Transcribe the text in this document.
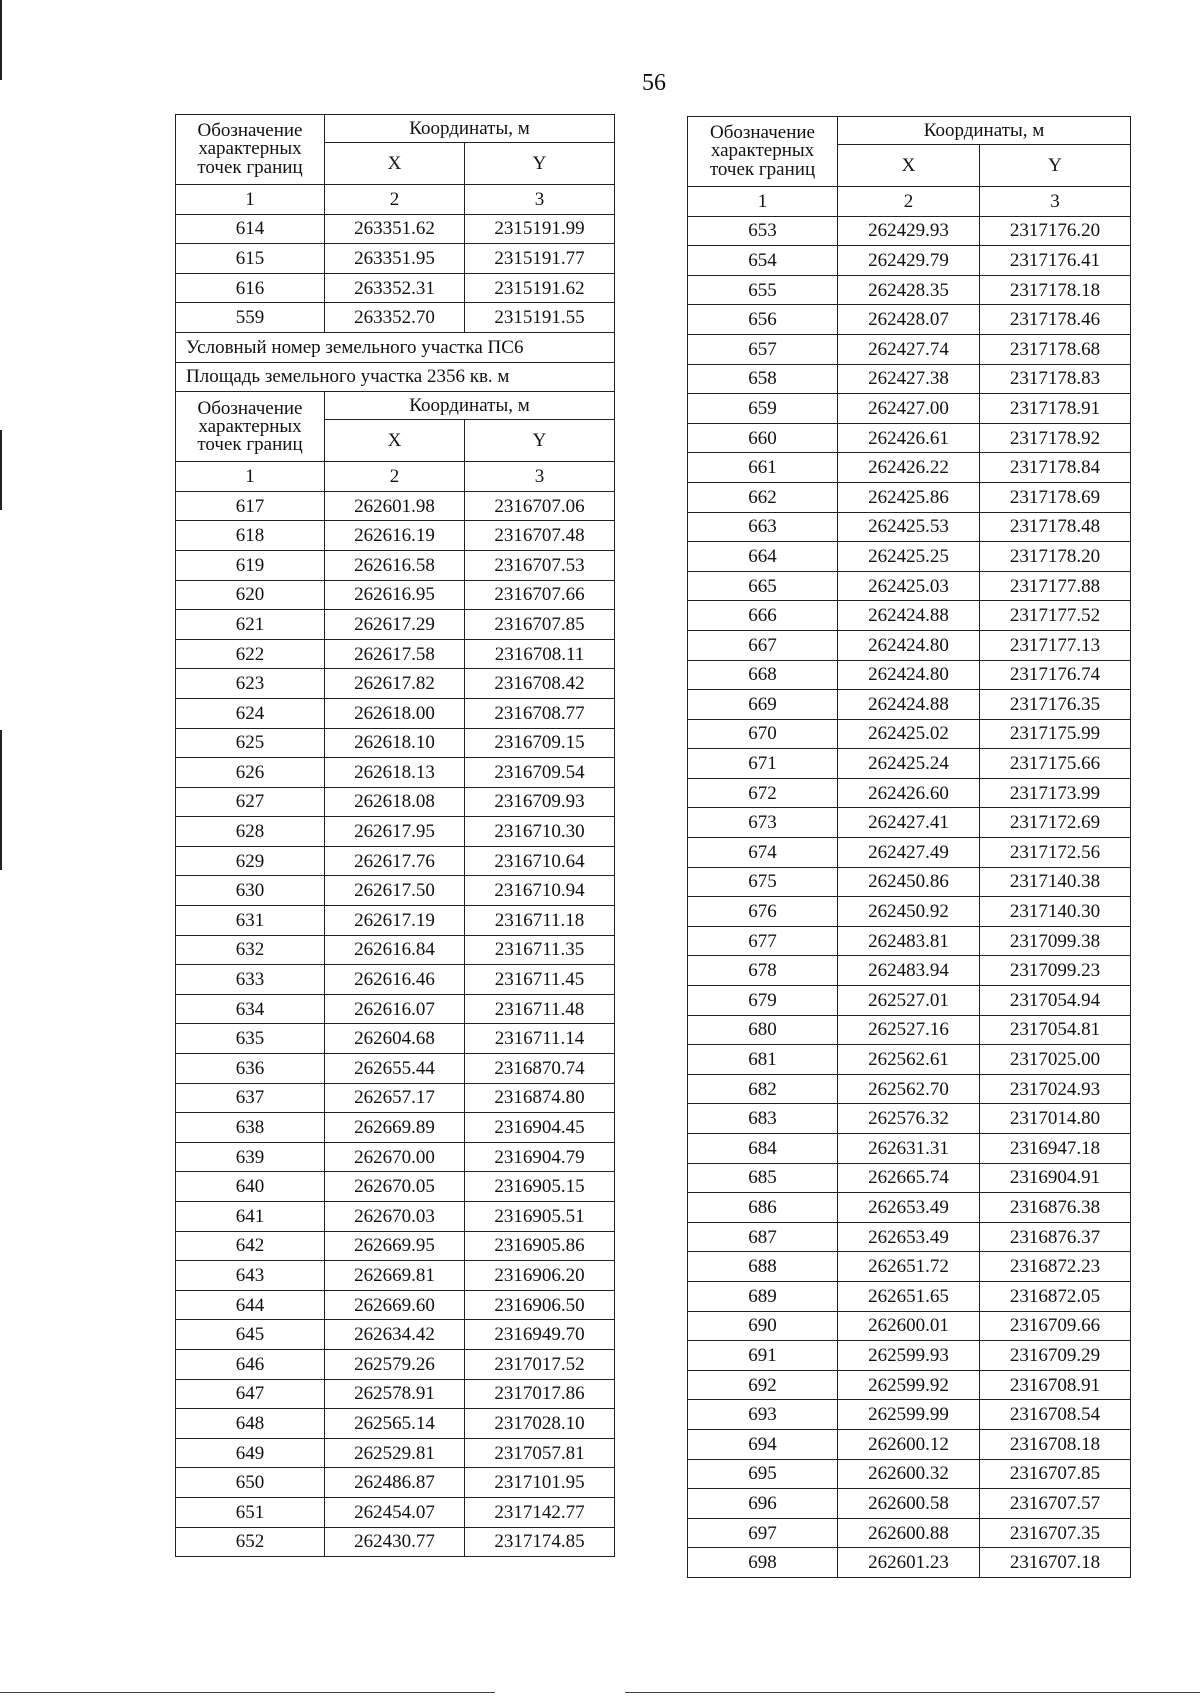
56
Обозначение характерных точек границ	Координаты, м	
	X	Y
1	2	3
614	263351.62	2315191.99
615	263351.95	2315191.77
616	263352.31	2315191.62
559	263352.70	2315191.55
Условный номер земельного участка ПС6		
Площадь земельного участка 2356 кв. м		
Обозначение характерных точек границ	Координаты, м	
	X	Y
1	2	3
617	262601.98	2316707.06
618	262616.19	2316707.48
619	262616.58	2316707.53
620	262616.95	2316707.66
621	262617.29	2316707.85
622	262617.58	2316708.11
623	262617.82	2316708.42
624	262618.00	2316708.77
625	262618.10	2316709.15
626	262618.13	2316709.54
627	262618.08	2316709.93
628	262617.95	2316710.30
629	262617.76	2316710.64
630	262617.50	2316710.94
631	262617.19	2316711.18
632	262616.84	2316711.35
633	262616.46	2316711.45
634	262616.07	2316711.48
635	262604.68	2316711.14
636	262655.44	2316870.74
637	262657.17	2316874.80
638	262669.89	2316904.45
639	262670.00	2316904.79
640	262670.05	2316905.15
641	262670.03	2316905.51
642	262669.95	2316905.86
643	262669.81	2316906.20
644	262669.60	2316906.50
645	262634.42	2316949.70
646	262579.26	2317017.52
647	262578.91	2317017.86
648	262565.14	2317028.10
649	262529.81	2317057.81
650	262486.87	2317101.95
651	262454.07	2317142.77
652	262430.77	2317174.85
Обозначение характерных точек границ	Координаты, м	
	X	Y
1	2	3
653	262429.93	2317176.20
654	262429.79	2317176.41
655	262428.35	2317178.18
656	262428.07	2317178.46
657	262427.74	2317178.68
658	262427.38	2317178.83
659	262427.00	2317178.91
660	262426.61	2317178.92
661	262426.22	2317178.84
662	262425.86	2317178.69
663	262425.53	2317178.48
664	262425.25	2317178.20
665	262425.03	2317177.88
666	262424.88	2317177.52
667	262424.80	2317177.13
668	262424.80	2317176.74
669	262424.88	2317176.35
670	262425.02	2317175.99
671	262425.24	2317175.66
672	262426.60	2317173.99
673	262427.41	2317172.69
674	262427.49	2317172.56
675	262450.86	2317140.38
676	262450.92	2317140.30
677	262483.81	2317099.38
678	262483.94	2317099.23
679	262527.01	2317054.94
680	262527.16	2317054.81
681	262562.61	2317025.00
682	262562.70	2317024.93
683	262576.32	2317014.80
684	262631.31	2316947.18
685	262665.74	2316904.91
686	262653.49	2316876.38
687	262653.49	2316876.37
688	262651.72	2316872.23
689	262651.65	2316872.05
690	262600.01	2316709.66
691	262599.93	2316709.29
692	262599.92	2316708.91
693	262599.99	2316708.54
694	262600.12	2316708.18
695	262600.32	2316707.85
696	262600.58	2316707.57
697	262600.88	2316707.35
698	262601.23	2316707.18
